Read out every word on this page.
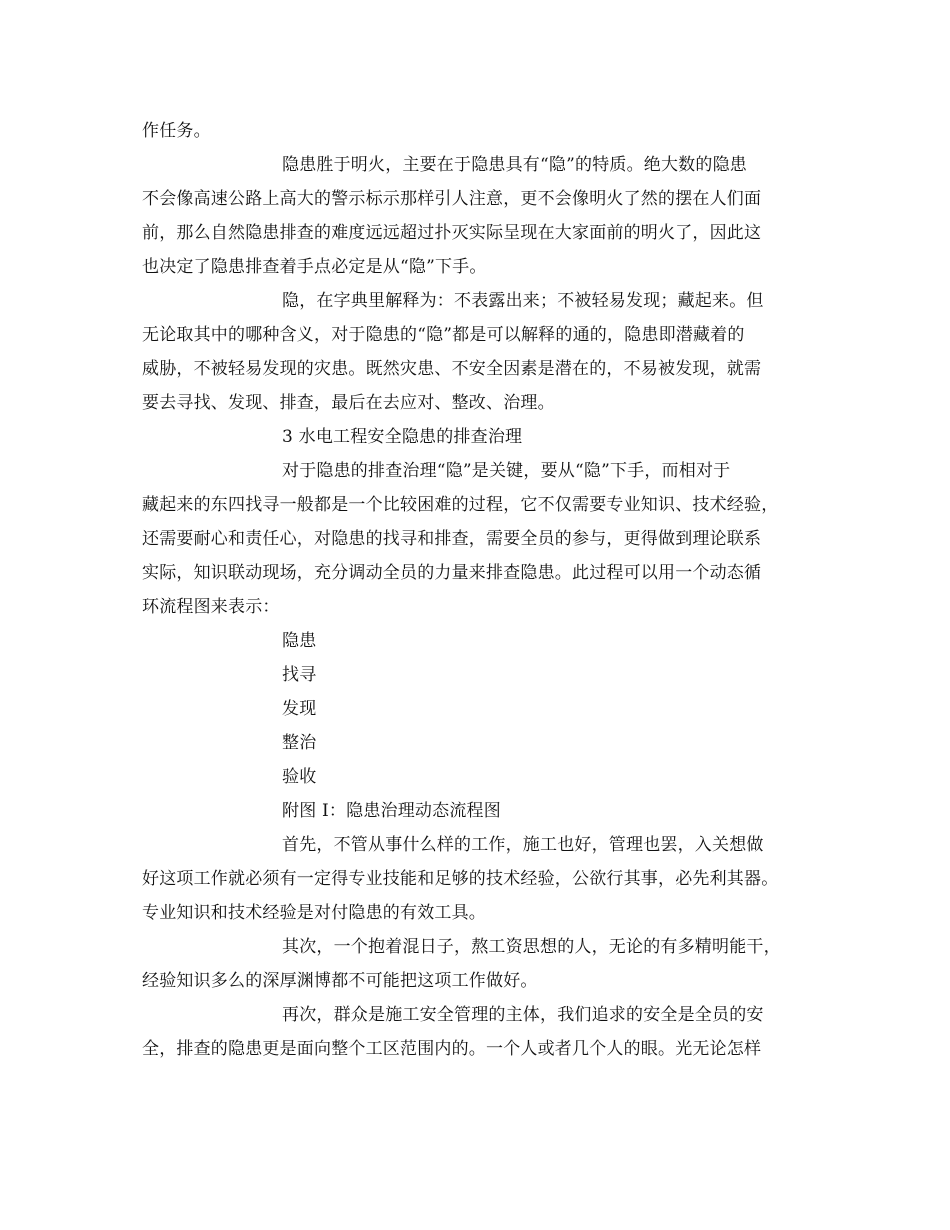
作任务。
隐患胜于明火，主要在于隐患具有“隐”的特质。绝大数的隐患
不会像高速公路上高大的警示标示那样引人注意，更不会像明火了然的摆在人们面
前，那么自然隐患排查的难度远远超过扑灭实际呈现在大家面前的明火了，因此这
也决定了隐患排查着手点必定是从“隐”下手。
隐，在字典里解释为：不表露出来；不被轻易发现；藏起来。但
无论取其中的哪种含义，对于隐患的“隐”都是可以解释的通的，隐患即潜藏着的
威胁，不被轻易发现的灾患。既然灾患、不安全因素是潜在的，不易被发现，就需
要去寻找、发现、排查，最后在去应对、整改、治理。
3 水电工程安全隐患的排查治理
对于隐患的排查治理“隐”是关键，要从“隐”下手，而相对于
藏起来的东四找寻一般都是一个比较困难的过程，它不仅需要专业知识、技术经验，
还需要耐心和责任心，对隐患的找寻和排查，需要全员的参与，更得做到理论联系
实际，知识联动现场，充分调动全员的力量来排查隐患。此过程可以用一个动态循
环流程图来表示：
隐患
找寻
发现
整治
验收
附图 I：隐患治理动态流程图
首先，不管从事什么样的工作，施工也好，管理也罢，入关想做
好这项工作就必须有一定得专业技能和足够的技术经验，公欲行其事，必先利其器。
专业知识和技术经验是对付隐患的有效工具。
其次，一个抱着混日子，熬工资思想的人，无论的有多精明能干，
经验知识多么的深厚渊博都不可能把这项工作做好。
再次，群众是施工安全管理的主体，我们追求的安全是全员的安
全，排查的隐患更是面向整个工区范围内的。一个人或者几个人的眼。光无论怎样
